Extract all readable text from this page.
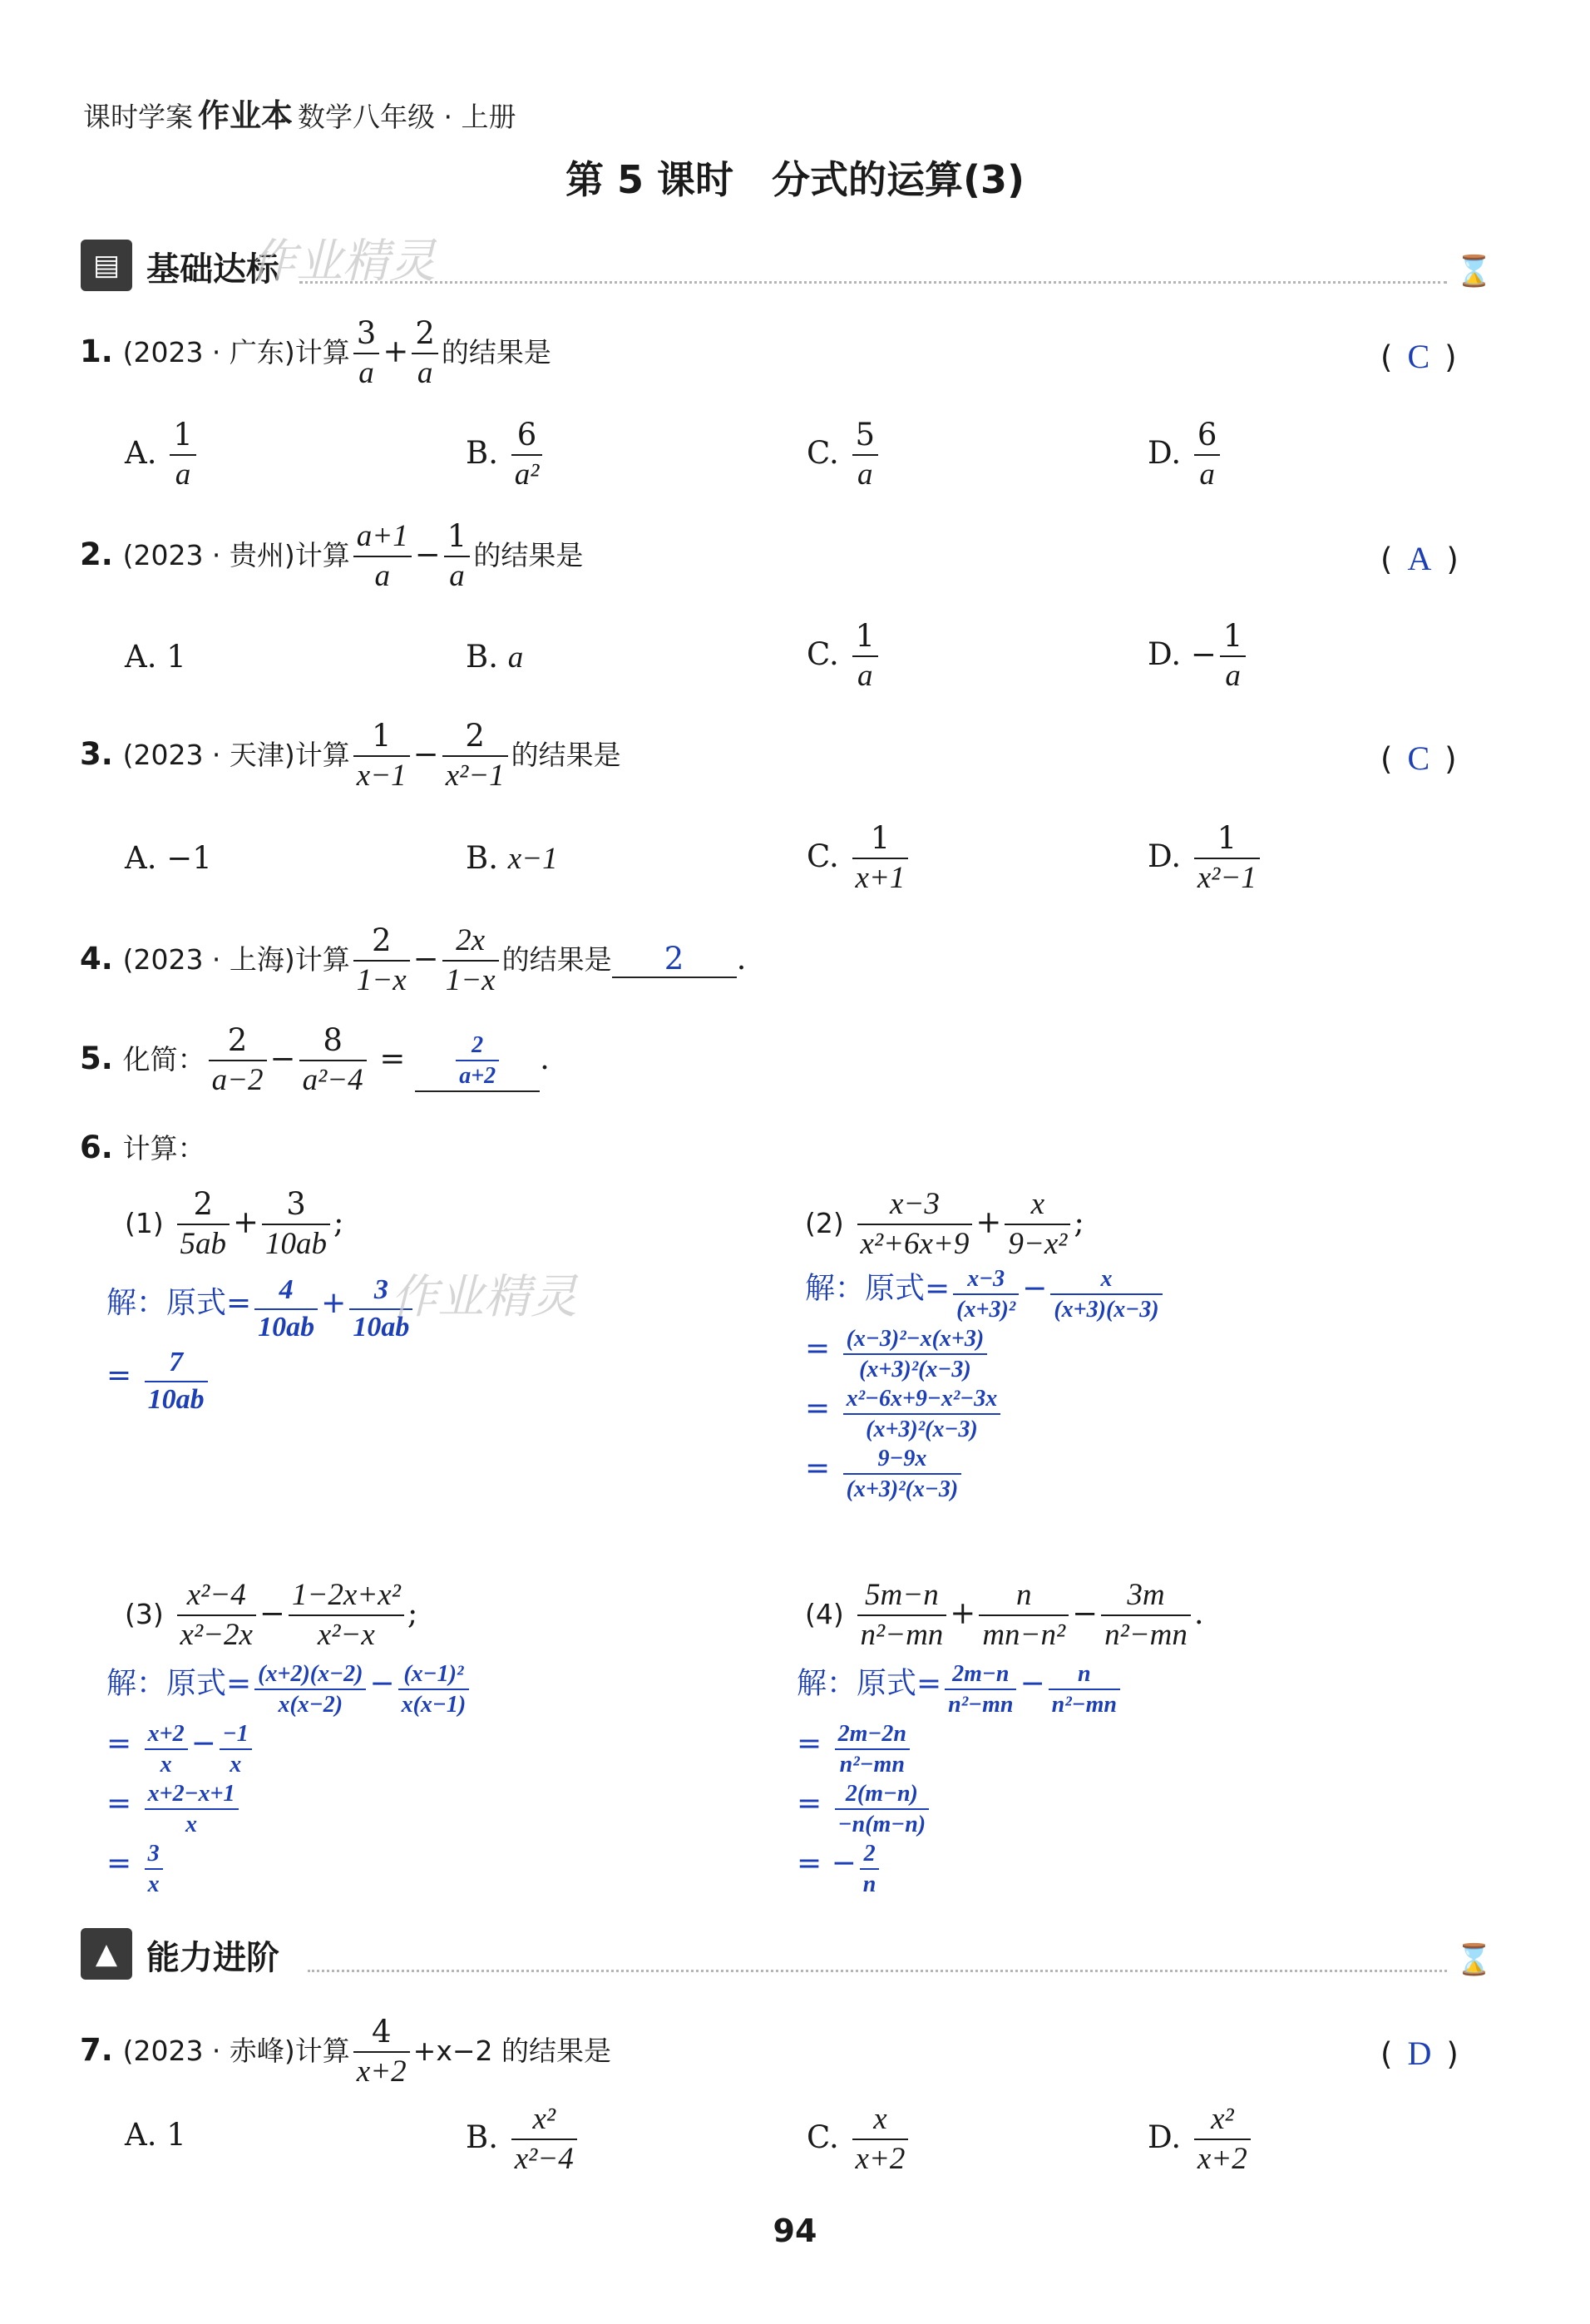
课时学案 作业本 数学八年级 · 上册
第 5 课时　分式的运算(3)
▤ 基础达标
作业精灵	⌛
1. (2023 · 广东)计算 $\frac{3}{a} + \frac{2}{a}$ 的结果是	( C )
A. $\frac{1}{a}$	B. $\frac{6}{\text{a²}}$	C. $\frac{5}{a}$	D. $\frac{6}{a}$
2. (2023 · 贵州)计算 $\frac{a+1}{a} - \frac{1}{a}$ 的结果是	( A )
A. 1	B. a	C. $\frac{1}{a}$	D. − $\frac{1}{a}$
3. (2023 · 天津)计算 $\frac{1}{x-1} - \frac{2}{\text{x²−1}}$ 的结果是	( C )
A. −1	B. x−1	C. $\frac{1}{x+1}$	D. $\frac{1}{\text{x²−1}}$
4. (2023 · 上海)计算 $\frac{2}{1-x} - \frac{2x}{1-x}$ 的结果是 2 .
5. 化简： $\frac{2}{a-2} - \frac{8}{\text{a²−4}} = \frac{2}{a+2}$ .
6. 计算：
$(1) \frac{2}{5ab} + \frac{3}{10ab}$ ;
解：原式= $\frac{4}{10ab} + \frac{3}{10ab}$
= $\frac{7}{10ab}$
作业精灵
$(2) \frac{x-3}{\text{x²+6x+9}} + \frac{x}{\text{9−x²}}$ ;
解：原式= $\frac{x-3}{\text{(x+3)²}} - \frac{x}{(x+3)(x-3)}$
= $\frac{\text{(x−3)²−x(x+3)}}{\text{(x+3)²(x−3)}}$
= $\frac{\text{x²−6x+9−x²−3x}}{\text{(x+3)²(x−3)}}$
= $\frac{9-9x}{\text{(x+3)²(x−3)}}$
$(3) \frac{\text{x²−4}}{\text{x²−2x}} - \frac{\text{1−2x+x²}}{\text{x²−x}}$ ;
解：原式= $\frac{(x+2)(x-2)}{x(x-2)} - \frac{\text{(x−1)²}}{x(x-1)}$
= $\frac{x+2}{x} - \frac{-1}{x}$
= $\frac{x+2-x+1}{x}$
= $\frac{3}{x}$
$(4) \frac{5m-n}{\text{n²−mn}} + \frac{n}{\text{mn−n²}} - \frac{3m}{\text{n²−mn}}$ .
解：原式= $\frac{2m-n}{\text{n²−mn}} - \frac{n}{\text{n²−mn}}$
= $\frac{2m-2n}{\text{n²−mn}}$
= $\frac{2(m-n)}{-n(m-n)}$
= − $\frac{2}{n}$
▲ 能力进阶	⌛
7. (2023 · 赤峰)计算 $\frac{4}{x+2} +x-2$ 的结果是	( D )
A. 1	B. $\frac{\text{x²}}{\text{x²−4}}$	C. $\frac{x}{x+2}$	D. $\frac{\text{x²}}{x+2}$
94
